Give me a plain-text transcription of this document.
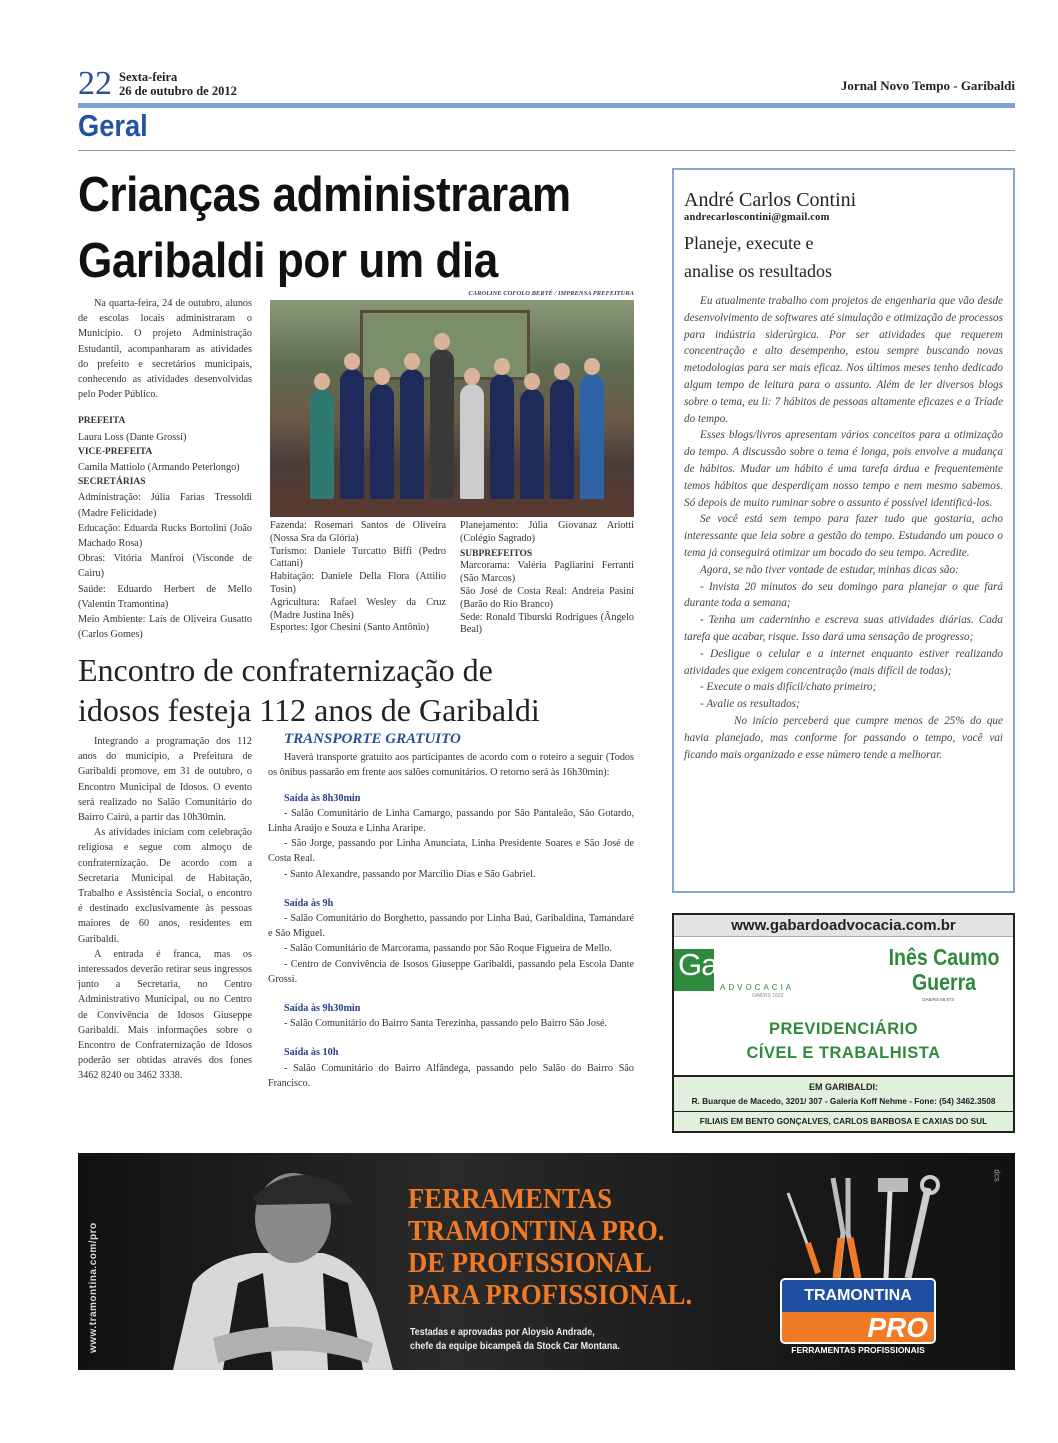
22 Sexta-feira
26 de outubro de 2012	Jornal Novo Tempo - Garibaldi
Geral
Crianças administraram
Garibaldi por um dia
CAROLINE COFOLO BERTÉ / IMPRENSA PREFEITURA

Na quarta-feira, 24 de outubro, alunos de escolas locais administraram o Município. O projeto Administração Estudantil, acompanharam as atividades do prefeito e secretários municipais, conhecendo as atividades desenvolvidas pelo Poder Público.

PREFEITA

Laura Loss (Dante Grossi)

VICE-PREFEITA

Camila Mattiolo (Armando Peterlongo)

SECRETÁRIAS

Administração: Júlia Farias Tressoldi (Madre Felicidade)

Educação: Eduarda Rucks Bortolini (João Machado Rosa)

Obras: Vitória Manfroi (Visconde de Cairu)

Saúde: Eduardo Herbert de Mello (Valentin Tramontina)

Meio Ambiente: Laís de Oliveira Gusatto (Carlos Gomes)

Fazenda: Rosemari Santos de Oliveira (Nossa Sra da Glória)

Turismo: Daniele Turcatto Biffi (Pedro Cattani)

Habitação: Daniele Della Flora (Attilio Tosin)

Agricultura: Rafael Wesley da Cruz (Madre Justina Inês)

Esportes: Igor Chesini (Santo Antônio)

Planejamento: Júlia Giovanaz Ariotti (Colégio Sagrado)

SUBPREFEITOS

Marcorama: Valéria Pagliarini Ferranti (São Marcos)

São José de Costa Real: Andreia Pasini (Barão do Rio Branco)

Sede: Ronald Tiburski Rodrigues (Ângelo Beal)

Encontro de confraternização de
idosos festeja 112 anos de Garibaldi

Integrando a programação dos 112 anos do município, a Prefeitura de Garibaldi promove, em 31 de outubro, o Encontro Municipal de Idosos. O evento será realizado no Salão Comunitário do Bairro Cairú, a partir das 10h30min.

As atividades iniciam com celebração religiosa e segue com almoço de confraternização. De acordo com a Secretaria Municipal de Habitação, Trabalho e Assistência Social, o encontro é destinado exclusivamente às pessoas maiores de 60 anos, residentes em Garibaldi.

A entrada é franca, mas os interessados deverão retirar seus ingressos junto a Secretaria, no Centro Administrativo Municipal, ou no Centro de Convivência de Idosos Giuseppe Garibaldi. Mais informações sobre o Encontro de Confraternização de Idosos poderão ser obtidas através dos fones 3462 8240 ou 3462 3338.

TRANSPORTE GRATUITO

Haverá transporte gratuito aos participantes de acordo com o roteiro a seguir (Todos os ônibus passarão em frente aos salões comunitários. O retorno será às 16h30min):

Saída às 8h30min

- Salão Comunitário de Linha Camargo, passando por São Pantaleão, São Gotardo, Linha Araújo e Souza e Linha Araripe.

- São Jorge, passando por Linha Anunciata, Linha Presidente Soares e São José de Costa Real.

- Santo Alexandre, passando por Marcílio Dias e São Gabriel.

Saída às 9h

- Salão Comunitário do Borghetto, passando por Linha Baú, Garibaldina, Tamandaré e São Miguel.

- Salão Comunitário de Marcorama, passando por São Roque Figueira de Mello.

- Centro de Convivência de Isosos Giuseppe Garibaldi, passando pela Escola Dante Grossi.

Saída às 9h30min

- Salão Comunitário do Bairro Santa Terezinha, passando pelo Bairro São José.

Saída às 10h

- Salão Comunitário do Bairro Alfândega, passando pelo Salão do Bairro São Francisco.

André Carlos Contini
andrecarloscontini@gmail.com
Planeje, execute e
analise os resultados

Eu atualmente trabalho com projetos de engenharia que vão desde desenvolvimento de softwares até simulação e otimização de processos para indústria siderúrgica. Por ser atividades que requerem concentração e alto desempenho, estou sempre buscando novas metodologias para ser mais eficaz. Nos últimos meses tenho dedicado algum tempo de leitura para o assunto. Além de ler diversos blogs sobre o tema, eu li: 7 hábitos de pessoas altamente eficazes e a Tríade do tempo.

Esses blogs/livros apresentam vários conceitos para a otimização do tempo. A discussão sobre o tema é longa, pois envolve a mudança de hábitos. Mudar um hábito é uma tarefa árdua e frequentemente temos hábitos que desperdiçam nosso tempo e nem mesmo sabemos. Só depois de muito ruminar sobre o assunto é possível identificá-los.

Se você está sem tempo para fazer tudo que gostaria, acho interessante que leia sobre a gestão do tempo. Estudando um pouco o tema já conseguirá otimizar um bocado do seu tempo. Acredite.

Agora, se não tiver vontade de estudar, minhas dicas são:

- Invista 20 minutos do seu domingo para planejar o que fará durante toda a semana;

- Tenha um caderninho e escreva suas atividades diárias. Cada tarefa que acabar, risque. Isso dará uma sensação de progresso;

- Desligue o celular e a internet enquanto estiver realizando atividades que exigem concentração (mais difícil de todas);

- Execute o mais difícil/chato primeiro;

- Avalie os resultados;

No início perceberá que cumpre menos de 25% do que havia planejado, mas conforme for passando o tempo, você vai ficando mais organizado e esse número tende a melhorar.

www.gabardoadvocacia.com.br
Gabardo
ADVOCACIA
OAB/RS 1622
Inês Caumo
Guerra
OAB/RS 58.873
PREVIDENCIÁRIO
CÍVEL E TRABALHISTA
EM GARIBALDI:
R. Buarque de Macedo, 3201/ 307 - Galeria Koff Nehme - Fone: (54) 3462.3508
FILIAIS EM BENTO GONÇALVES, CARLOS BARBOSA E CAXIAS DO SUL
www.tramontina.com/pro
FERRAMENTAS
TRAMONTINA PRO.
DE PROFISSIONAL
PARA PROFISSIONAL.
Testadas e aprovadas por Aloysio Andrade,
chefe da equipe bicampeã da Stock Car Montana.
TRAMONTINA
PRO
FERRAMENTAS PROFISSIONAIS
dcs
